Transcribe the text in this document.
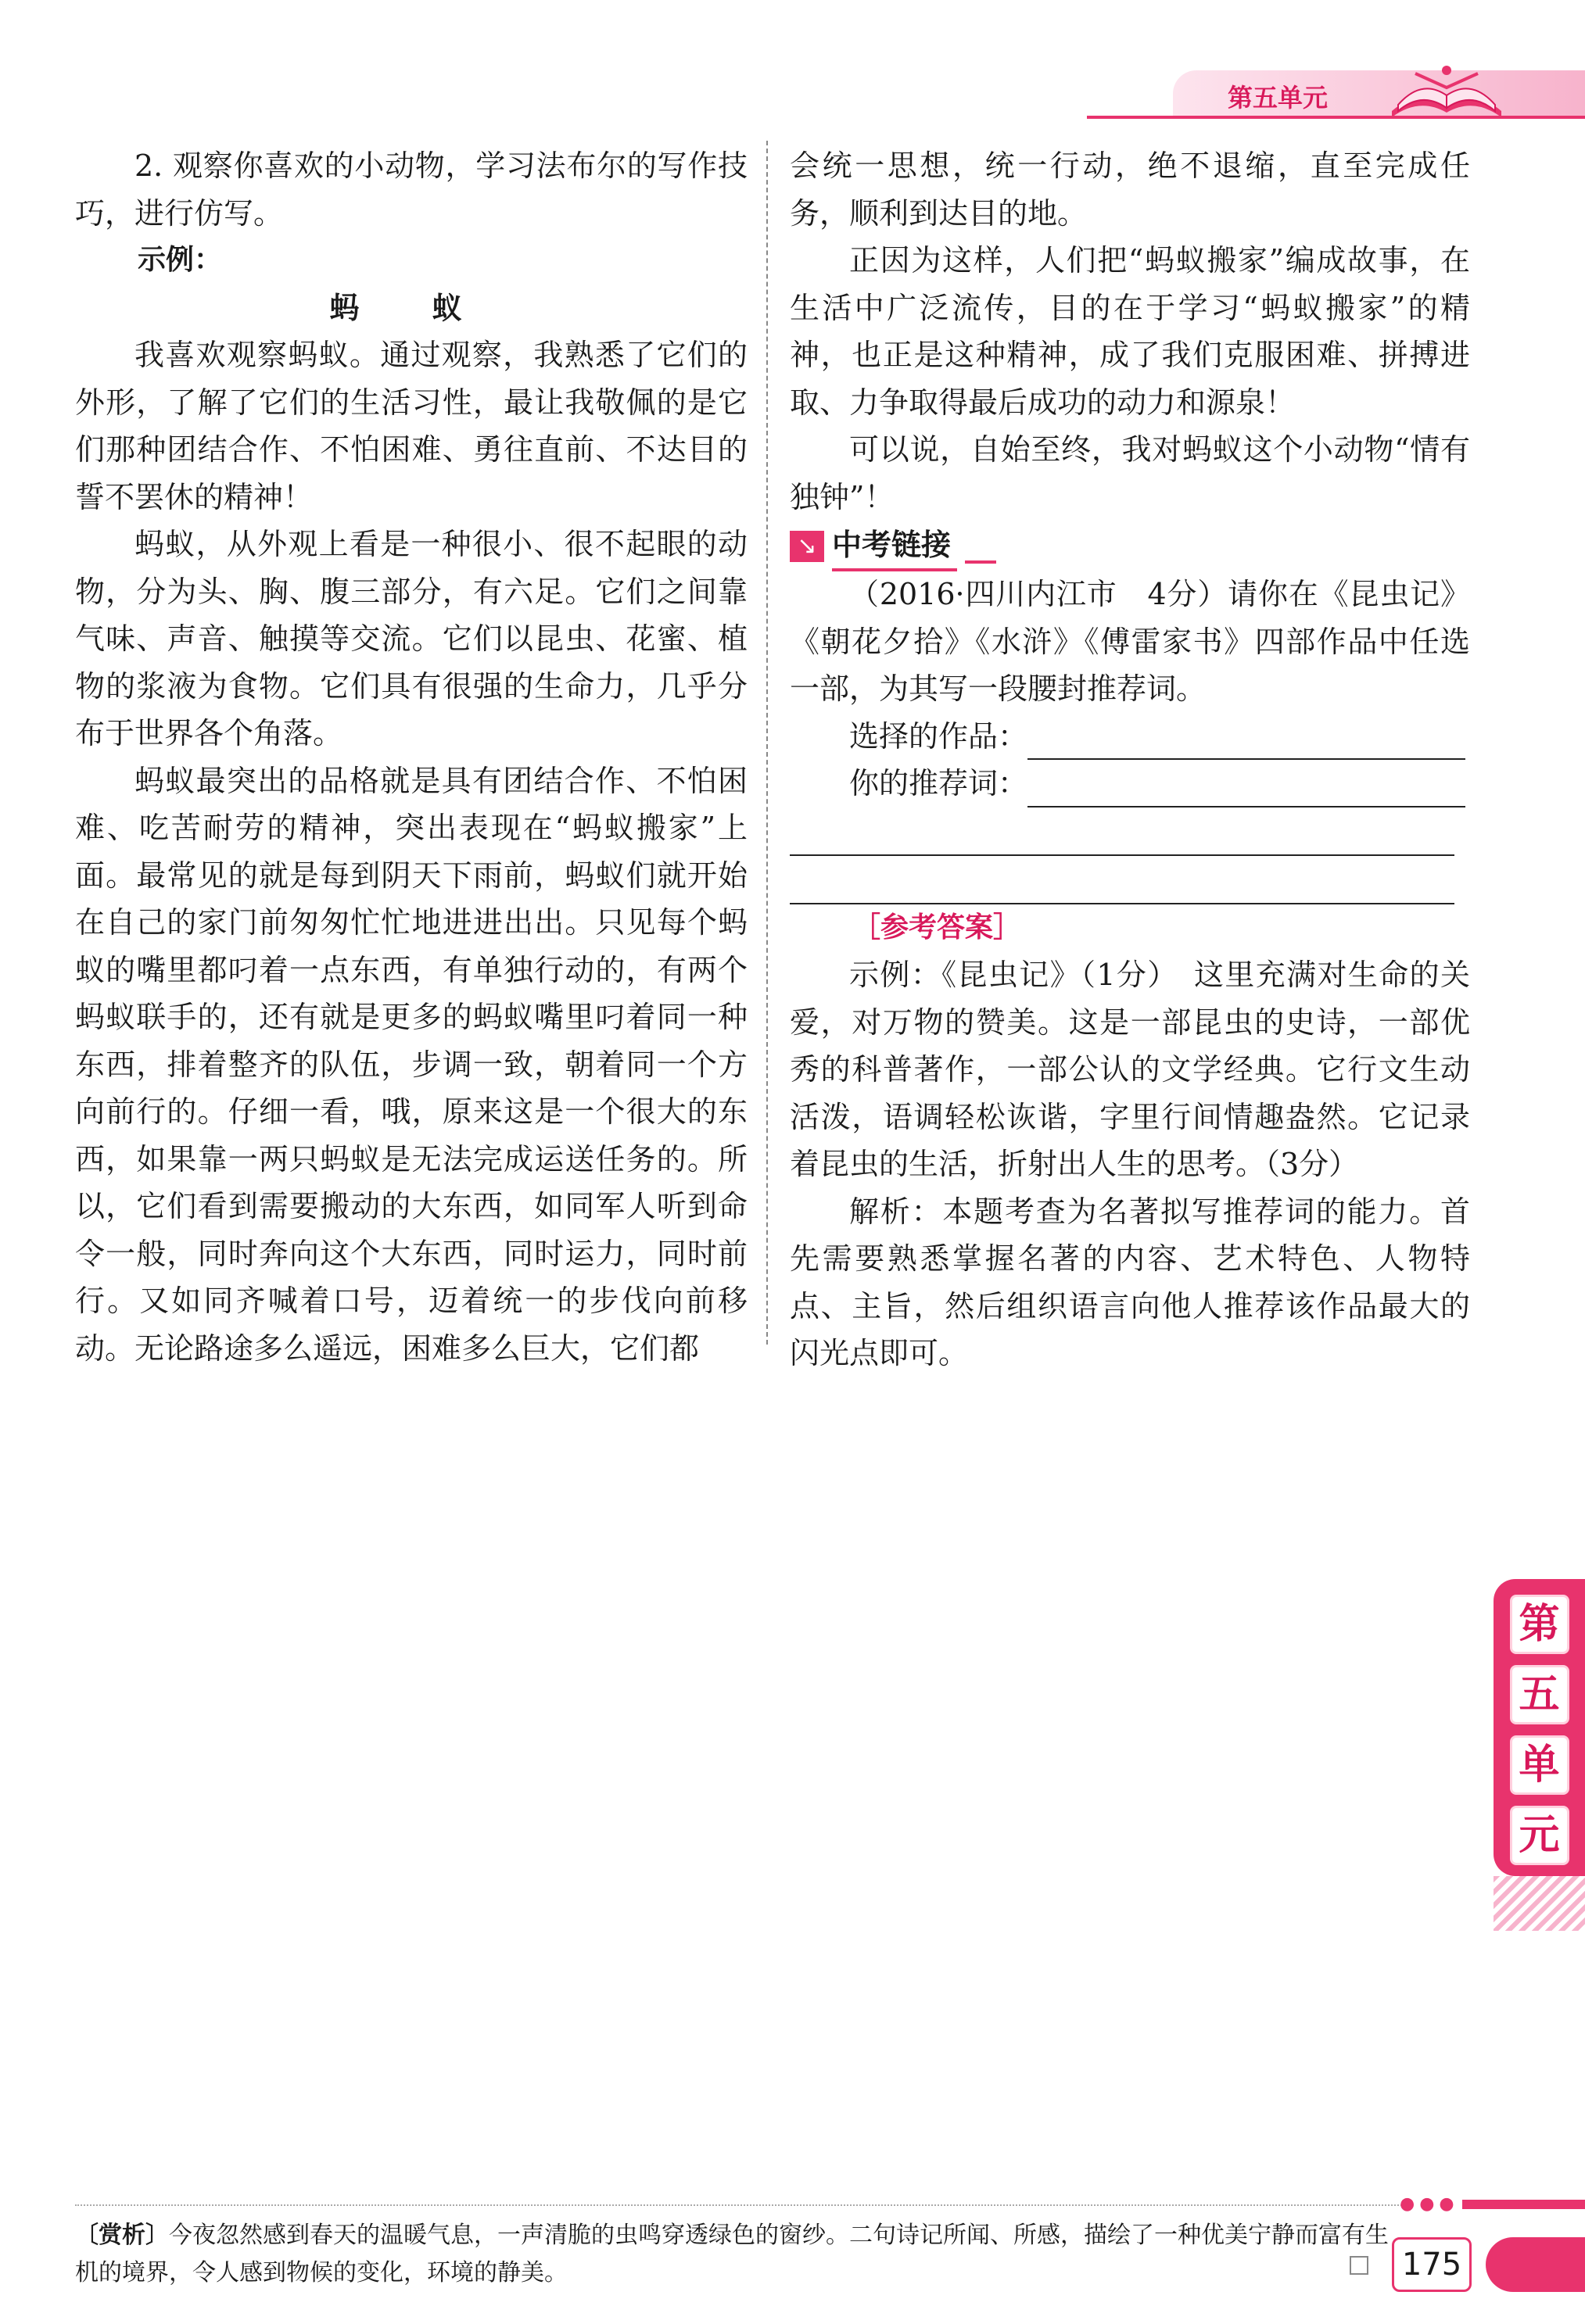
第五单元

2. 观察你喜欢的小动物，学习法布尔的写作技巧，进行仿写。

示例：

蚂 蚁

我喜欢观察蚂蚁。通过观察，我熟悉了它们的外形，了解了它们的生活习性，最让我敬佩的是它们那种团结合作、不怕困难、勇往直前、不达目的誓不罢休的精神！

蚂蚁，从外观上看是一种很小、很不起眼的动物，分为头、胸、腹三部分，有六足。它们之间靠气味、声音、触摸等交流。它们以昆虫、花蜜、植物的浆液为食物。它们具有很强的生命力，几乎分布于世界各个角落。

蚂蚁最突出的品格就是具有团结合作、不怕困难、吃苦耐劳的精神，突出表现在“蚂蚁搬家”上面。最常见的就是每到阴天下雨前，蚂蚁们就开始在自己的家门前匆匆忙忙地进进出出。只见每个蚂蚁的嘴里都叼着一点东西，有单独行动的，有两个蚂蚁联手的，还有就是更多的蚂蚁嘴里叼着同一种东西，排着整齐的队伍，步调一致，朝着同一个方向前行的。仔细一看，哦，原来这是一个很大的东西，如果靠一两只蚂蚁是无法完成运送任务的。所以，它们看到需要搬动的大东西，如同军人听到命令一般，同时奔向这个大东西，同时运力，同时前行。又如同齐喊着口号，迈着统一的步伐向前移动。无论路途多么遥远，困难多么巨大，它们都

会统一思想，统一行动，绝不退缩，直至完成任务，顺利到达目的地。

正因为这样，人们把“蚂蚁搬家”编成故事，在生活中广泛流传，目的在于学习“蚂蚁搬家”的精神，也正是这种精神，成了我们克服困难、拼搏进取、力争取得最后成功的动力和源泉！

可以说，自始至终，我对蚂蚁这个小动物“情有独钟”！

↘ 中考链接

（2016·四川内江市　4分）请你在《昆虫记》《朝花夕拾》《水浒》《傅雷家书》四部作品中任选一部，为其写一段腰封推荐词。

选择的作品：

你的推荐词：

［参考答案］

示例：《昆虫记》（1分）　这里充满对生命的关爱，对万物的赞美。这是一部昆虫的史诗，一部优秀的科普著作，一部公认的文学经典。它行文生动活泼，语调轻松诙谐，字里行间情趣盎然。它记录着昆虫的生活，折射出人生的思考。（3分）

解析：本题考查为名著拟写推荐词的能力。首先需要熟悉掌握名著的内容、艺术特色、人物特点、主旨，然后组织语言向他人推荐该作品最大的闪光点即可。

第
五
单
元
●●●
〔赏析〕今夜忽然感到春天的温暖气息，一声清脆的虫鸣穿透绿色的窗纱。二句诗记所闻、所感，描绘了一种优美宁静而富有生机的境界，令人感到物候的变化，环境的静美。	175
